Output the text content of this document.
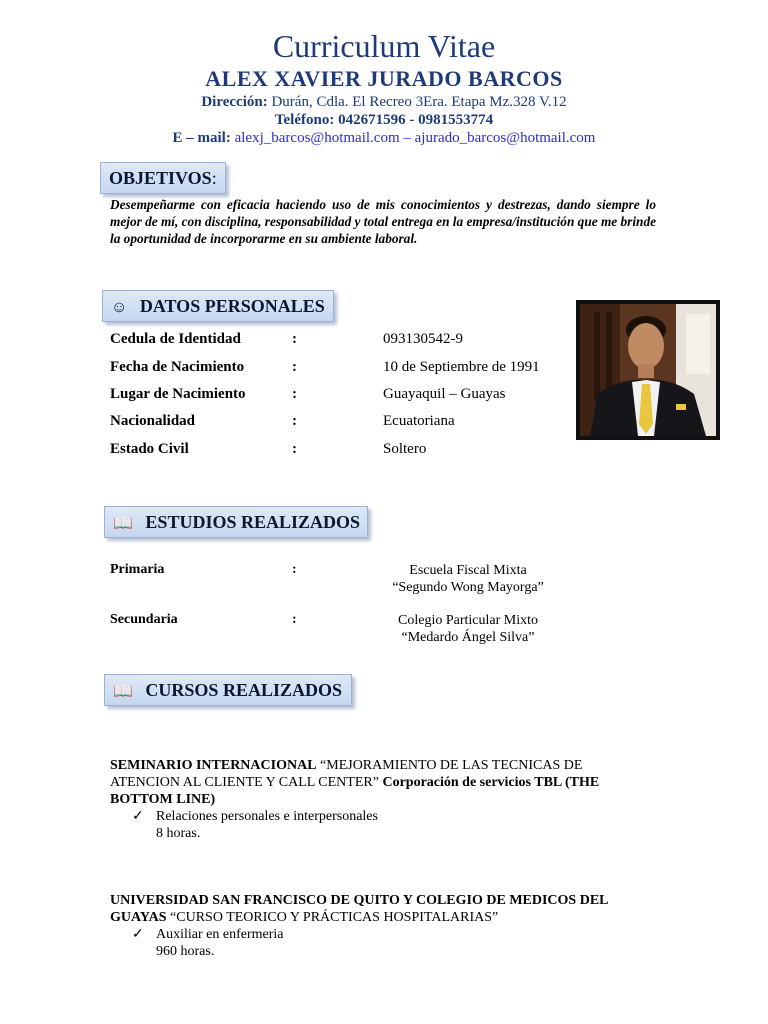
Curriculum Vitae
ALEX XAVIER JURADO BARCOS
Dirección: Durán, Cdla. El Recreo 3Era. Etapa Mz.328 V.12
Teléfono: 042671596 - 0981553774
E – mail: alexj_barcos@hotmail.com – ajurado_barcos@hotmail.com
OBJETIVOS:
Desempeñarme con eficacia haciendo uso de mis conocimientos y destrezas, dando siempre lo mejor de mí, con disciplina, responsabilidad y total entrega en la empresa/institución que me brinde la oportunidad de incorporarme en su ambiente laboral.
☺ DATOS PERSONALES
Cedula de Identidad	:	093130542-9
Fecha de Nacimiento	:	10 de Septiembre de 1991
Lugar de Nacimiento	:	Guayaquil – Guayas
Nacionalidad	:	Ecuatoriana
Estado Civil	:	Soltero
📖 ESTUDIOS REALIZADOS
Primaria	:	Escuela Fiscal Mixta
“Segundo Wong Mayorga”
Secundaria	:	Colegio Particular Mixto
“Medardo Ángel Silva”
📖 CURSOS REALIZADOS
SEMINARIO INTERNACIONAL “MEJORAMIENTO DE LAS TECNICAS DE ATENCION AL CLIENTE Y CALL CENTER” Corporación de servicios TBL (THE BOTTOM LINE)
✓ Relaciones personales e interpersonales
8 horas.
UNIVERSIDAD SAN FRANCISCO DE QUITO Y COLEGIO DE MEDICOS DEL GUAYAS “CURSO TEORICO Y PRÁCTICAS HOSPITALARIAS”
✓ Auxiliar en enfermeria
960 horas.
